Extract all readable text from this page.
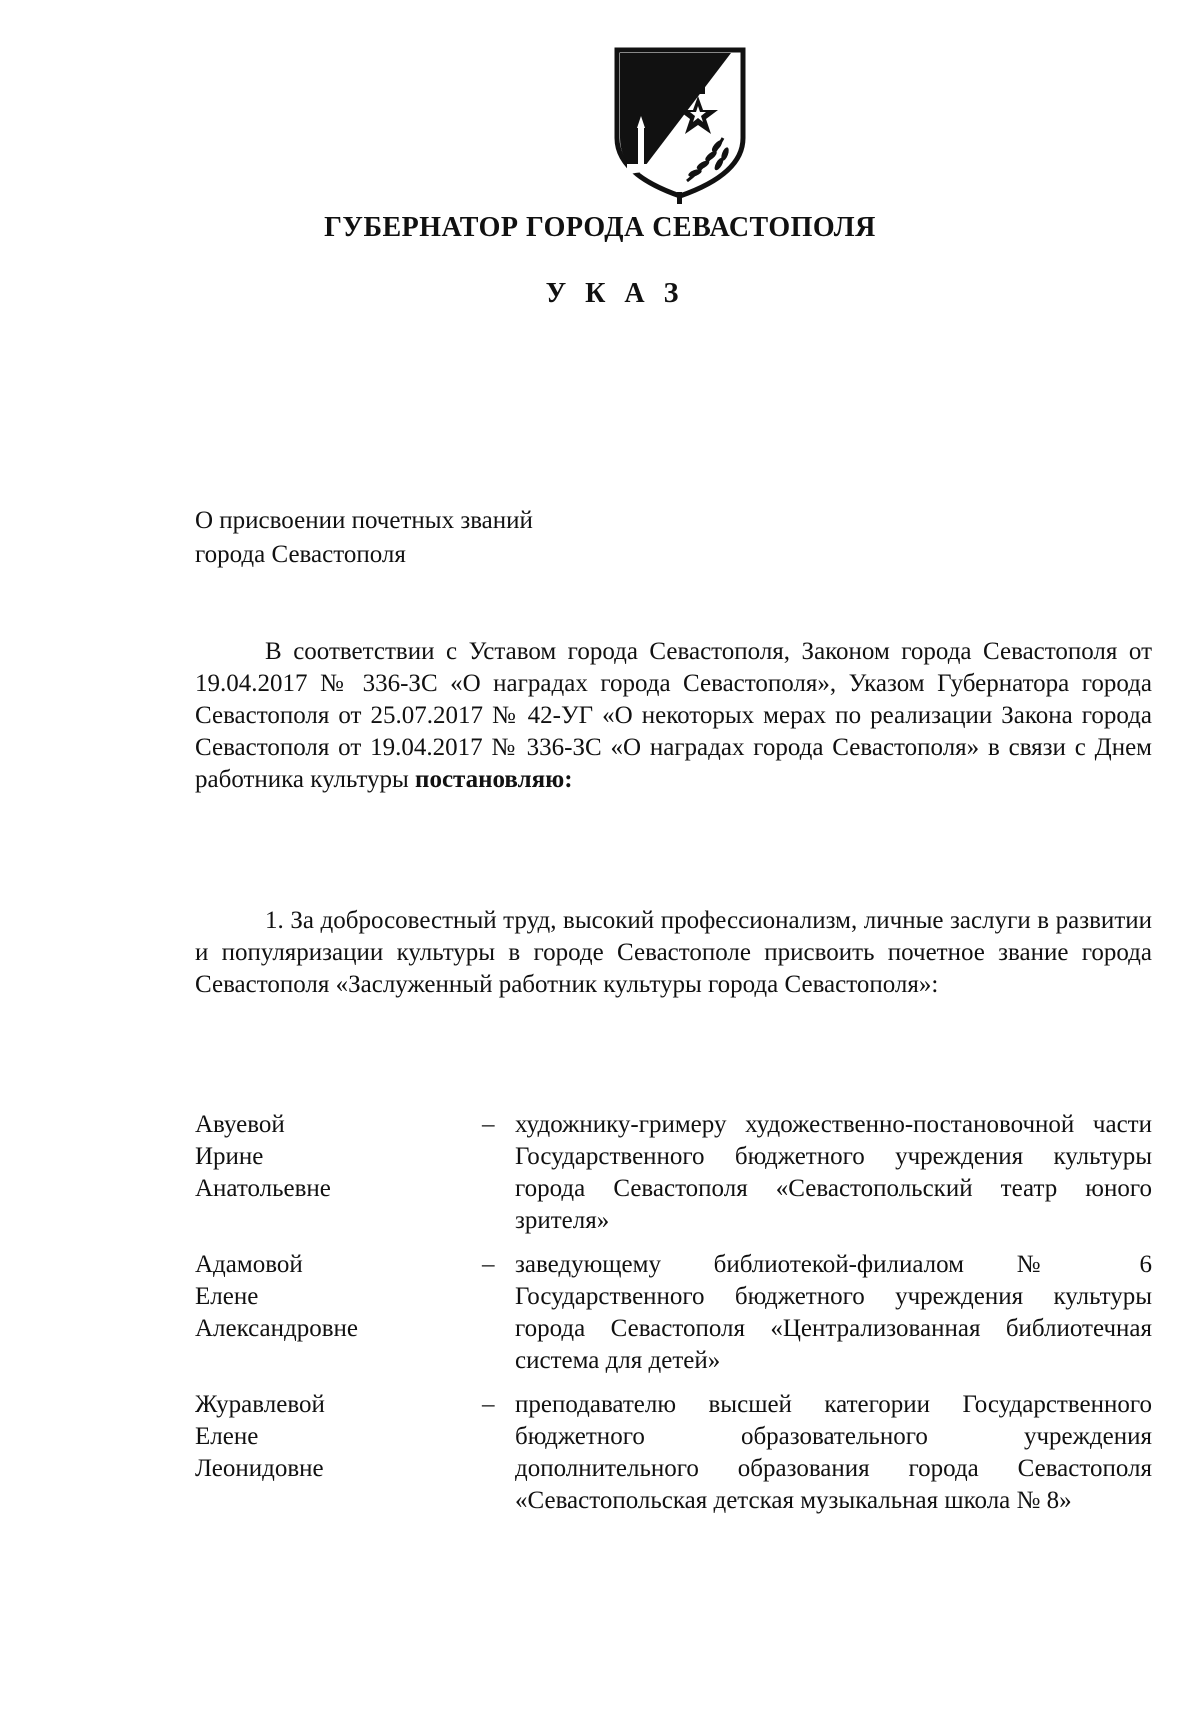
ГУБЕРНАТОР ГОРОДА СЕВАСТОПОЛЯ
У К А З
О присвоении почетных званий
города Севастополя
В соответствии с Уставом города Севастополя, Законом города Севастополя от 19.04.2017 № 336-ЗС «О наградах города Севастополя», Указом Губернатора города Севастополя от 25.07.2017 № 42-УГ «О некоторых мерах по реализации Закона города Севастополя от 19.04.2017 № 336-ЗС «О наградах города Севастополя» в связи с Днем работника культуры постановляю:
1. За добросовестный труд, высокий профессионализм, личные заслуги в развитии и популяризации культуры в городе Севастополе присвоить почетное звание города Севастополя «Заслуженный работник культуры города Севастополя»:
Авуевой
Ирине
Анатольевне
– художнику-гримеру художественно-постановочной части Государственного бюджетного учреждения культуры города Севастополя «Севастопольский театр юного зрителя»
Адамовой
Елене
Александровне
– заведующему библиотекой-филиалом № 6 Государственного бюджетного учреждения культуры города Севастополя «Централизованная библиотечная система для детей»
Журавлевой
Елене
Леонидовне
– преподавателю высшей категории Государственного бюджетного образовательного учреждения дополнительного образования города Севастополя «Севастопольская детская музыкальная школа № 8»
